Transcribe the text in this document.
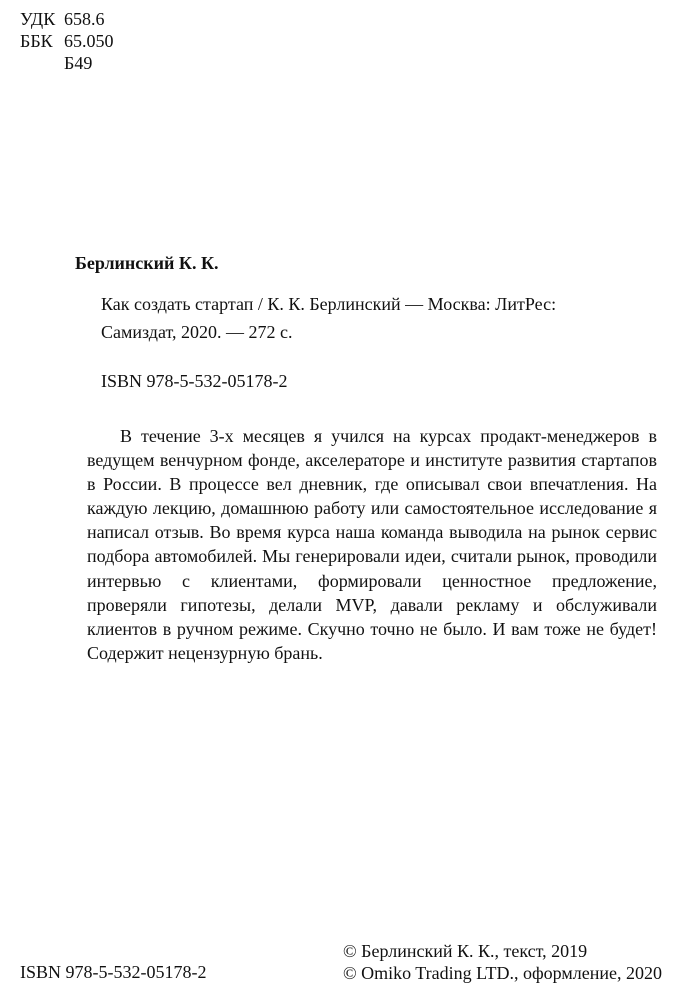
УДК 658.6
ББК 65.050
Б49
Берлинский К. К.
Как создать стартап / К. К. Берлинский — Москва: ЛитРес: Самиздат, 2020. — 272 с.
ISBN 978-5-532-05178-2

В течение 3-х месяцев я учился на курсах продакт-менеджеров в ведущем венчурном фонде, акселераторе и институте развития стартапов в России. В процессе вел дневник, где описывал свои впечатления. На каждую лекцию, домашнюю работу или самостоятельное исследование я написал отзыв. Во время курса наша команда выводила на рынок сервис подбора автомобилей. Мы генерировали идеи, считали рынок, проводили интервью с клиентами, формировали ценностное предложение, проверяли гипотезы, делали MVP, давали рекламу и обслуживали клиентов в ручном режиме. Скучно точно не было. И вам тоже не будет! Содержит нецензурную брань.

ISBN 978-5-532-05178-2
© Берлинский К. К., текст, 2019
© Omiko Trading LTD., оформление, 2020
